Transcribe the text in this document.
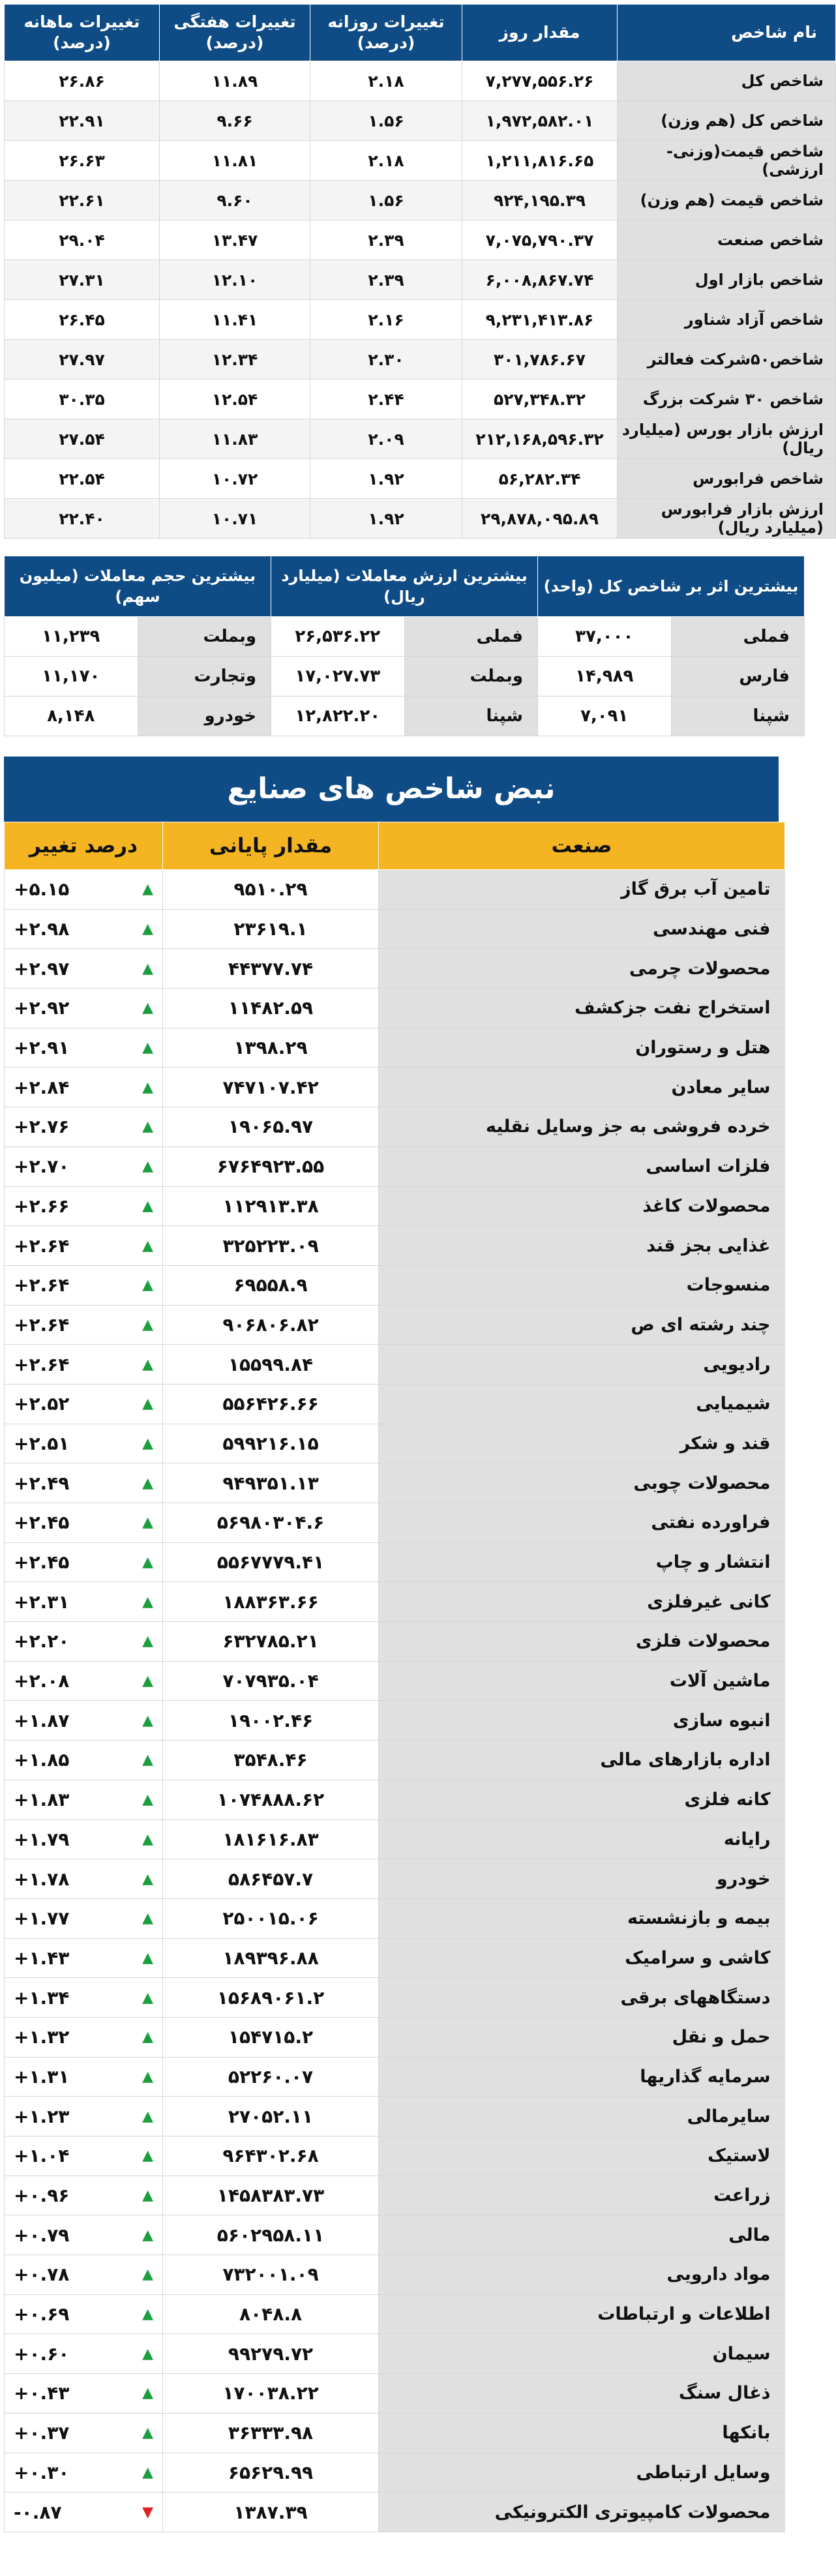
نام شاخص	مقدار روز	تغییرات روزانه (درصد)	تغییرات هفتگی (درصد)	تغییرات ماهانه (درصد)
شاخص کل	۷,۲۷۷,۵۵۶.۲۶	۲.۱۸	۱۱.۸۹	۲۶.۸۶
شاخص کل (هم وزن)	۱,۹۷۲,۵۸۲.۰۱	۱.۵۶	۹.۶۶	۲۲.۹۱
شاخص قیمت(وزنی-ارزشی)	۱,۲۱۱,۸۱۶.۶۵	۲.۱۸	۱۱.۸۱	۲۶.۶۳
شاخص قیمت (هم وزن)	۹۲۴,۱۹۵.۳۹	۱.۵۶	۹.۶۰	۲۲.۶۱
شاخص صنعت	۷,۰۷۵,۷۹۰.۳۷	۲.۳۹	۱۳.۴۷	۲۹.۰۴
شاخص بازار اول	۶,۰۰۸,۸۶۷.۷۴	۲.۳۹	۱۲.۱۰	۲۷.۳۱
شاخص آزاد شناور	۹,۲۳۱,۴۱۳.۸۶	۲.۱۶	۱۱.۴۱	۲۶.۴۵
شاخص۵۰شرکت فعالتر	۳۰۱,۷۸۶.۶۷	۲.۳۰	۱۲.۳۴	۲۷.۹۷
شاخص ۳۰ شرکت بزرگ	۵۲۷,۳۴۸.۳۲	۲.۴۴	۱۲.۵۴	۳۰.۳۵
ارزش بازار بورس (میلیارد ریال)	۲۱۲,۱۶۸,۵۹۶.۳۲	۲.۰۹	۱۱.۸۳	۲۷.۵۴
شاخص فرابورس	۵۶,۲۸۲.۳۴	۱.۹۲	۱۰.۷۲	۲۲.۵۴
ارزش بازار فرابورس (میلیارد ریال)	۲۹,۸۷۸,۰۹۵.۸۹	۱.۹۲	۱۰.۷۱	۲۲.۴۰
بیشترین اثر بر شاخص کل (واحد)		بیشترین ارزش معاملات (میلیارد ریال)		بیشترین حجم معاملات (میلیون سهم)	
فملی	۳۷,۰۰۰	فملی	۲۶,۵۳۶.۲۲	وبملت	۱۱,۲۳۹
فارس	۱۴,۹۸۹	وبملت	۱۷,۰۲۷.۷۳	وتجارت	۱۱,۱۷۰
شپنا	۷,۰۹۱	شپنا	۱۲,۸۲۲.۲۰	خودرو	۸,۱۴۸
نبض شاخص های صنایع
صنعت	مقدار پایانی	درصد تغییر
تامین آب برق گاز	۹۵۱۰.۲۹	+۵.۱۵ ▲

فنی مهندسی	۲۳۶۱۹.۱	+۲.۹۸ ▲

محصولات چرمی	۴۴۳۷۷.۷۴	+۲.۹۷ ▲

استخراج نفت جزکشف	۱۱۴۸۲.۵۹	+۲.۹۲ ▲

هتل و رستوران	۱۳۹۸.۲۹	+۲.۹۱ ▲

سایر معادن	۷۴۷۱۰۷.۴۲	+۲.۸۴ ▲

خرده فروشی به جز وسایل نقلیه	۱۹۰۶۵.۹۷	+۲.۷۶ ▲

فلزات اساسی	۶۷۶۴۹۲۳.۵۵	+۲.۷۰ ▲

محصولات کاغذ	۱۱۲۹۱۳.۳۸	+۲.۶۶ ▲

غذایی بجز قند	۳۲۵۲۲۳.۰۹	+۲.۶۴ ▲

منسوجات	۶۹۵۵۸.۹	+۲.۶۴ ▲

چند رشته ای ص	۹۰۶۸۰۶.۸۲	+۲.۶۴ ▲

رادیویی	۱۵۵۹۹.۸۴	+۲.۶۴ ▲

شیمیایی	۵۵۶۴۲۶.۶۶	+۲.۵۲ ▲

قند و شکر	۵۹۹۲۱۶.۱۵	+۲.۵۱ ▲

محصولات چوبی	۹۴۹۳۵۱.۱۳	+۲.۴۹ ▲

فراورده نفتی	۵۶۹۸۰۳۰۴.۶	+۲.۴۵ ▲

انتشار و چاپ	۵۵۶۷۷۷۹.۴۱	+۲.۴۵ ▲

کانی غیرفلزی	۱۸۸۳۶۳.۶۶	+۲.۳۱ ▲

محصولات فلزی	۶۳۲۷۸۵.۲۱	+۲.۲۰ ▲

ماشین آلات	۷۰۷۹۳۵.۰۴	+۲.۰۸ ▲

انبوه سازی	۱۹۰۰۲.۴۶	+۱.۸۷ ▲

اداره بازارهای مالی	۳۵۴۸.۴۶	+۱.۸۵ ▲

کانه فلزی	۱۰۷۴۸۸۸.۶۲	+۱.۸۳ ▲

رایانه	۱۸۱۶۱۶.۸۳	+۱.۷۹ ▲

خودرو	۵۸۶۴۵۷.۷	+۱.۷۸ ▲

بیمه و بازنشسته	۲۵۰۰۱۵.۰۶	+۱.۷۷ ▲

کاشی و سرامیک	۱۸۹۳۹۶.۸۸	+۱.۴۳ ▲

دستگاههای برقی	۱۵۶۸۹۰۶۱.۲	+۱.۳۴ ▲

حمل و نقل	۱۵۴۷۱۵.۲	+۱.۳۲ ▲

سرمایه گذاریها	۵۲۲۶۰.۰۷	+۱.۳۱ ▲

سایرمالی	۲۷۰۵۲.۱۱	+۱.۲۳ ▲

لاستیک	۹۶۴۳۰۲.۶۸	+۱.۰۴ ▲

زراعت	۱۴۵۸۳۸۳.۷۳	+۰.۹۶ ▲

مالی	۵۶۰۲۹۵۸.۱۱	+۰.۷۹ ▲

مواد دارویی	۷۳۲۰۰۱.۰۹	+۰.۷۸ ▲

اطلاعات و ارتباطات	۸۰۴۸.۸	+۰.۶۹ ▲

سیمان	۹۹۲۷۹.۷۲	+۰.۶۰ ▲

ذغال سنگ	۱۷۰۰۳۸.۲۲	+۰.۴۳ ▲

بانکها	۳۶۳۳۳.۹۸	+۰.۳۷ ▲

وسایل ارتباطی	۶۵۶۲۹.۹۹	+۰.۳۰ ▲

محصولات کامپیوتری الکترونیکی	۱۳۸۷.۳۹	-۰.۸۷ ▼
